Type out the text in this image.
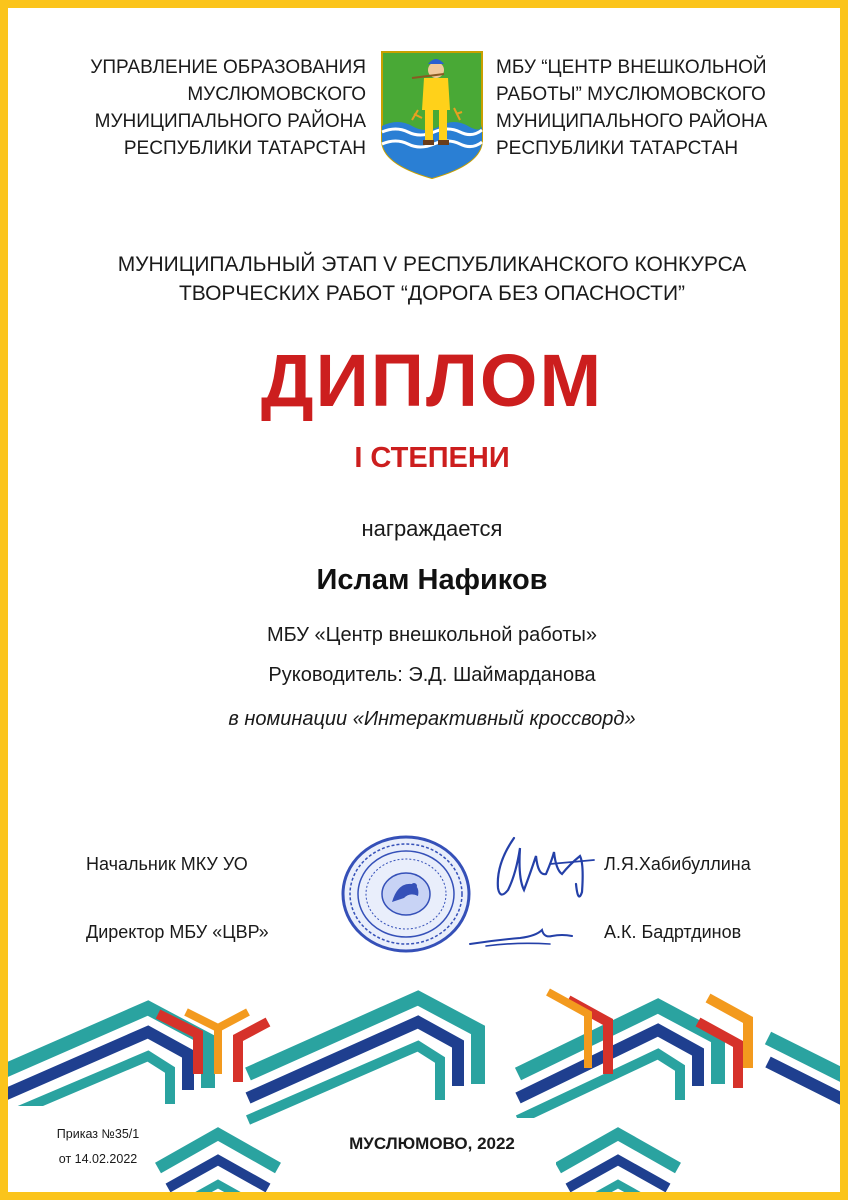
УПРАВЛЕНИЕ ОБРАЗОВАНИЯ
МУСЛЮМОВСКОГО
МУНИЦИПАЛЬНОГО РАЙОНА
РЕСПУБЛИКИ ТАТАРСТАН
МБУ “ЦЕНТР ВНЕШКОЛЬНОЙ
РАБОТЫ” МУСЛЮМОВСКОГО
МУНИЦИПАЛЬНОГО РАЙОНА
РЕСПУБЛИКИ ТАТАРСТАН
МУНИЦИПАЛЬНЫЙ ЭТАП V РЕСПУБЛИКАНСКОГО КОНКУРСА
ТВОРЧЕСКИХ РАБОТ “ДОРОГА БЕЗ ОПАСНОСТИ”
ДИПЛОМ
I СТЕПЕНИ
награждается
Ислам Нафиков
МБУ «Центр внешкольной работы»
Руководитель: Э.Д. Шаймарданова
в номинации «Интерактивный кроссворд»
Начальник МКУ УО
Директор МБУ «ЦВР»
Л.Я.Хабибуллина
А.К. Бадртдинов
Приказ №35/1
от 14.02.2022
МУСЛЮМОВО, 2022
